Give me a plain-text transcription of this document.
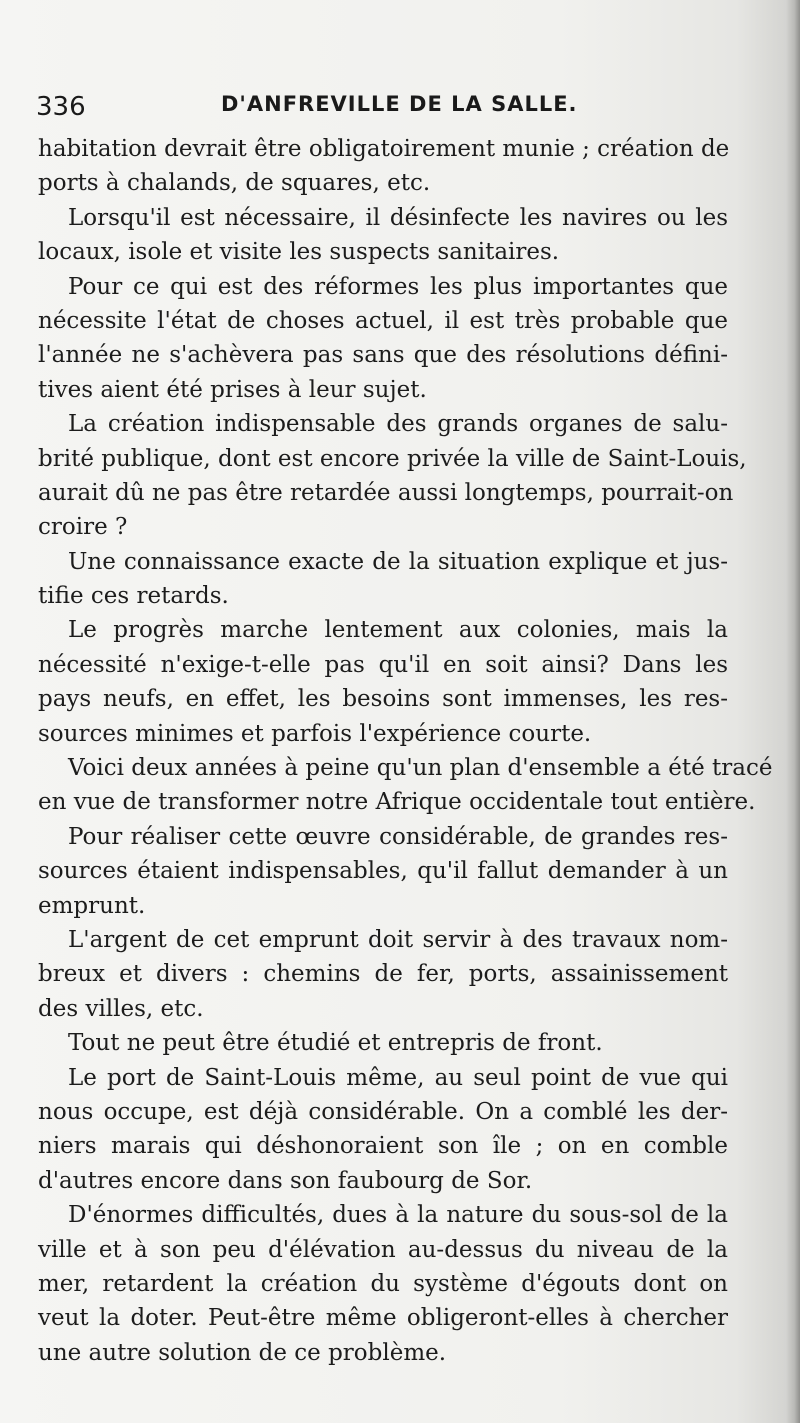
336	D'ANFREVILLE DE LA SALLE.
habitation devrait être obligatoirement munie ; création de
ports à chalands, de squares, etc.
Lorsqu'il est nécessaire, il désinfecte les navires ou les
locaux, isole et visite les suspects sanitaires.
Pour ce qui est des réformes les plus importantes que
nécessite l'état de choses actuel, il est très probable que
l'année ne s'achèvera pas sans que des résolutions défini-
tives aient été prises à leur sujet.
La création indispensable des grands organes de salu-
brité publique, dont est encore privée la ville de Saint-Louis,
aurait dû ne pas être retardée aussi longtemps, pourrait-on
croire ?
Une connaissance exacte de la situation explique et jus-
tifie ces retards.
Le progrès marche lentement aux colonies, mais la
nécessité n'exige-t-elle pas qu'il en soit ainsi? Dans les
pays neufs, en effet, les besoins sont immenses, les res-
sources minimes et parfois l'expérience courte.
Voici deux années à peine qu'un plan d'ensemble a été tracé
en vue de transformer notre Afrique occidentale tout entière.
Pour réaliser cette œuvre considérable, de grandes res-
sources étaient indispensables, qu'il fallut demander à un
emprunt.
L'argent de cet emprunt doit servir à des travaux nom-
breux et divers : chemins de fer, ports, assainissement
des villes, etc.
Tout ne peut être étudié et entrepris de front.
Le port de Saint-Louis même, au seul point de vue qui
nous occupe, est déjà considérable. On a comblé les der-
niers marais qui déshonoraient son île ; on en comble
d'autres encore dans son faubourg de Sor.
D'énormes difficultés, dues à la nature du sous-sol de la
ville et à son peu d'élévation au-dessus du niveau de la
mer, retardent la création du système d'égouts dont on
veut la doter. Peut-être même obligeront-elles à chercher
une autre solution de ce problème.
